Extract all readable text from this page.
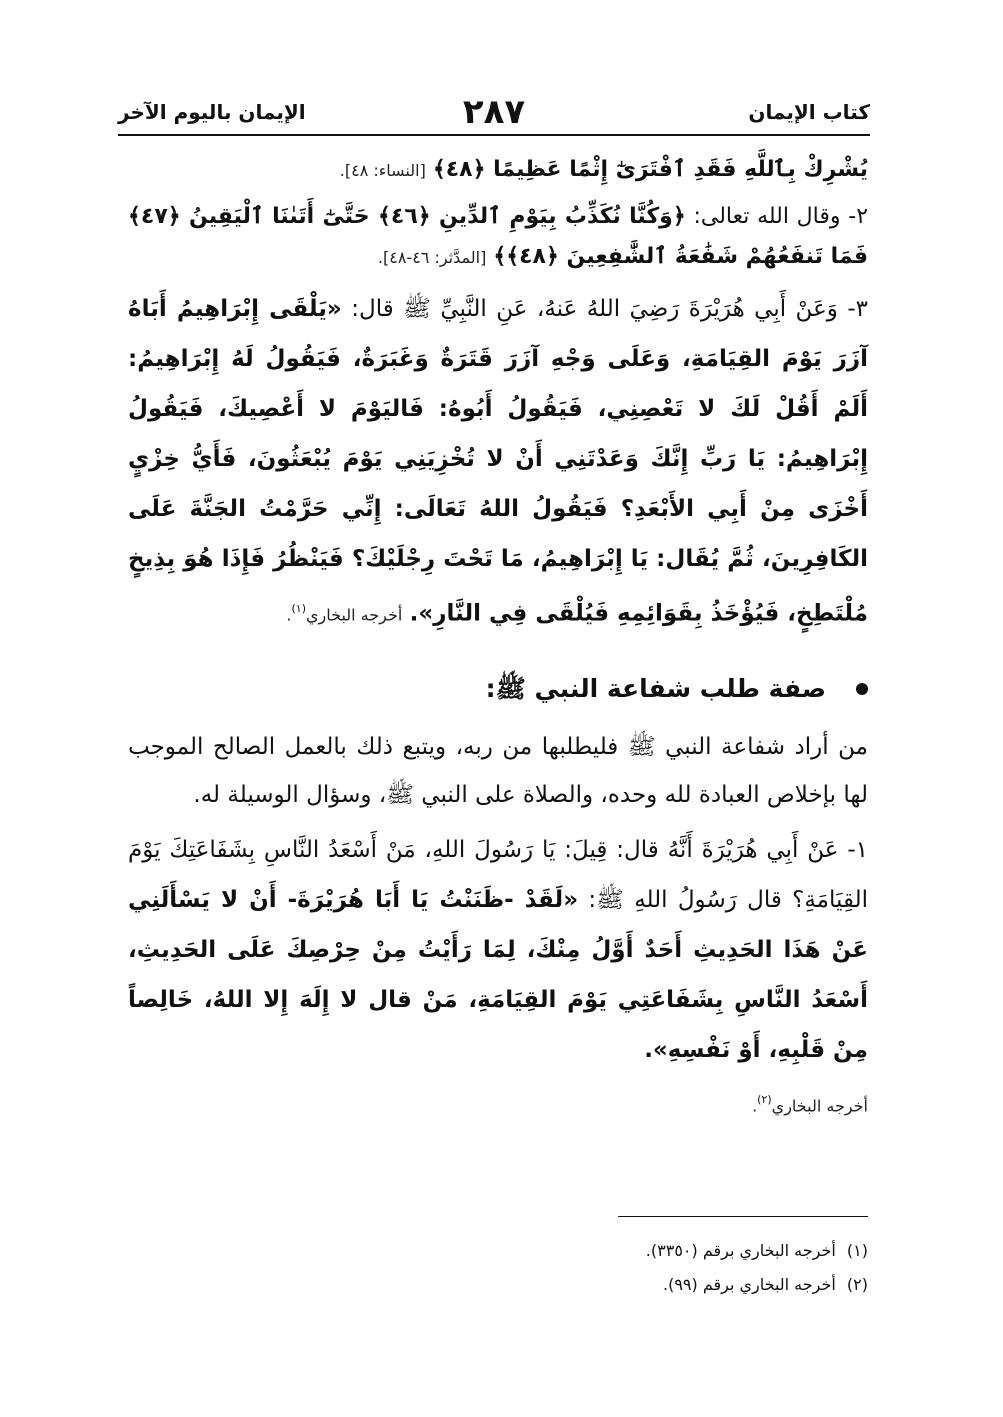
كتاب الإيمان
٢٨٧
الإيمان باليوم الآخر
يُشْرِكْ بِٱللَّهِ فَقَدِ ٱفْتَرَىٰٓ إِثْمًا عَظِيمًا ﴿٤٨﴾ [النساء: ٤٨].
٢- وقال الله تعالى: ﴿وَكُنَّا نُكَذِّبُ بِيَوْمِ ٱلدِّينِ ﴿٤٦﴾ حَتَّىٰٓ أَتَىٰنَا ٱلْيَقِينُ ﴿٤٧﴾ فَمَا تَنفَعُهُمْ شَفَٰعَةُ ٱلشَّٰفِعِينَ ﴿٤٨﴾﴾ [المدَّثر: ٤٦-٤٨].
٣- وَعَنْ أَبِي هُرَيْرَةَ رَضِيَ اللهُ عَنهُ، عَنِ النَّبِيِّ ﷺ قال: «يَلْقَى إِبْرَاهِيمُ أَبَاهُ آزَرَ يَوْمَ القِيَامَةِ، وَعَلَى وَجْهِ آزَرَ قَتَرَةٌ وَغَبَرَةٌ، فَيَقُولُ لَهُ إِبْرَاهِيمُ: أَلَمْ أَقُلْ لَكَ لا تَعْصِنِي، فَيَقُولُ أَبُوهُ: فَاليَوْمَ لا أَعْصِيكَ، فَيَقُولُ إِبْرَاهِيمُ: يَا رَبِّ إِنَّكَ وَعَدْتَنِي أَنْ لا تُخْزِيَنِي يَوْمَ يُبْعَثُونَ، فَأَيُّ خِزْيٍ أَخْزَى مِنْ أَبِي الأَبْعَدِ؟ فَيَقُولُ اللهُ تَعَالَى: إِنِّي حَرَّمْتُ الجَنَّةَ عَلَى الكَافِرِينَ، ثُمَّ يُقَال: يَا إِبْرَاهِيمُ، مَا تَحْتَ رِجْلَيْكَ؟ فَيَنْظُرُ فَإِذَا هُوَ بِذِيخٍ مُلْتَطِخٍ، فَيُؤْخَذُ بِقَوَائِمِهِ فَيُلْقَى فِي النَّارِ». أخرجه البخاري$^{(١)}$.
صفة طلب شفاعة النبي ﷺ:
من أراد شفاعة النبي ﷺ فليطلبها من ربه، ويتبع ذلك بالعمل الصالح الموجب لها بإخلاص العبادة لله وحده، والصلاة على النبي ﷺ، وسؤال الوسيلة له.
١- عَنْ أَبِي هُرَيْرَةَ أَنَّهُ قال: قِيلَ: يَا رَسُولَ اللهِ، مَنْ أَسْعَدُ النَّاسِ بِشَفَاعَتِكَ يَوْمَ القِيَامَةِ؟ قال رَسُولُ اللهِ ﷺ: «لَقَدْ -ظَنَنْتُ يَا أَبَا هُرَيْرَةَ- أَنْ لا يَسْأَلَنِي عَنْ هَذَا الحَدِيثِ أَحَدٌ أَوَّلُ مِنْكَ، لِمَا رَأَيْتُ مِنْ حِرْصِكَ عَلَى الحَدِيثِ، أَسْعَدُ النَّاسِ بِشَفَاعَتِي يَوْمَ القِيَامَةِ، مَنْ قال لا إِلَهَ إِلا اللهُ، خَالِصاً مِنْ قَلْبِهِ، أَوْ نَفْسِهِ».
أخرجه البخاري$^{(٢)}$.
(١) أخرجه البخاري برقم (٣٣٥٠).
(٢) أخرجه البخاري برقم (٩٩).
